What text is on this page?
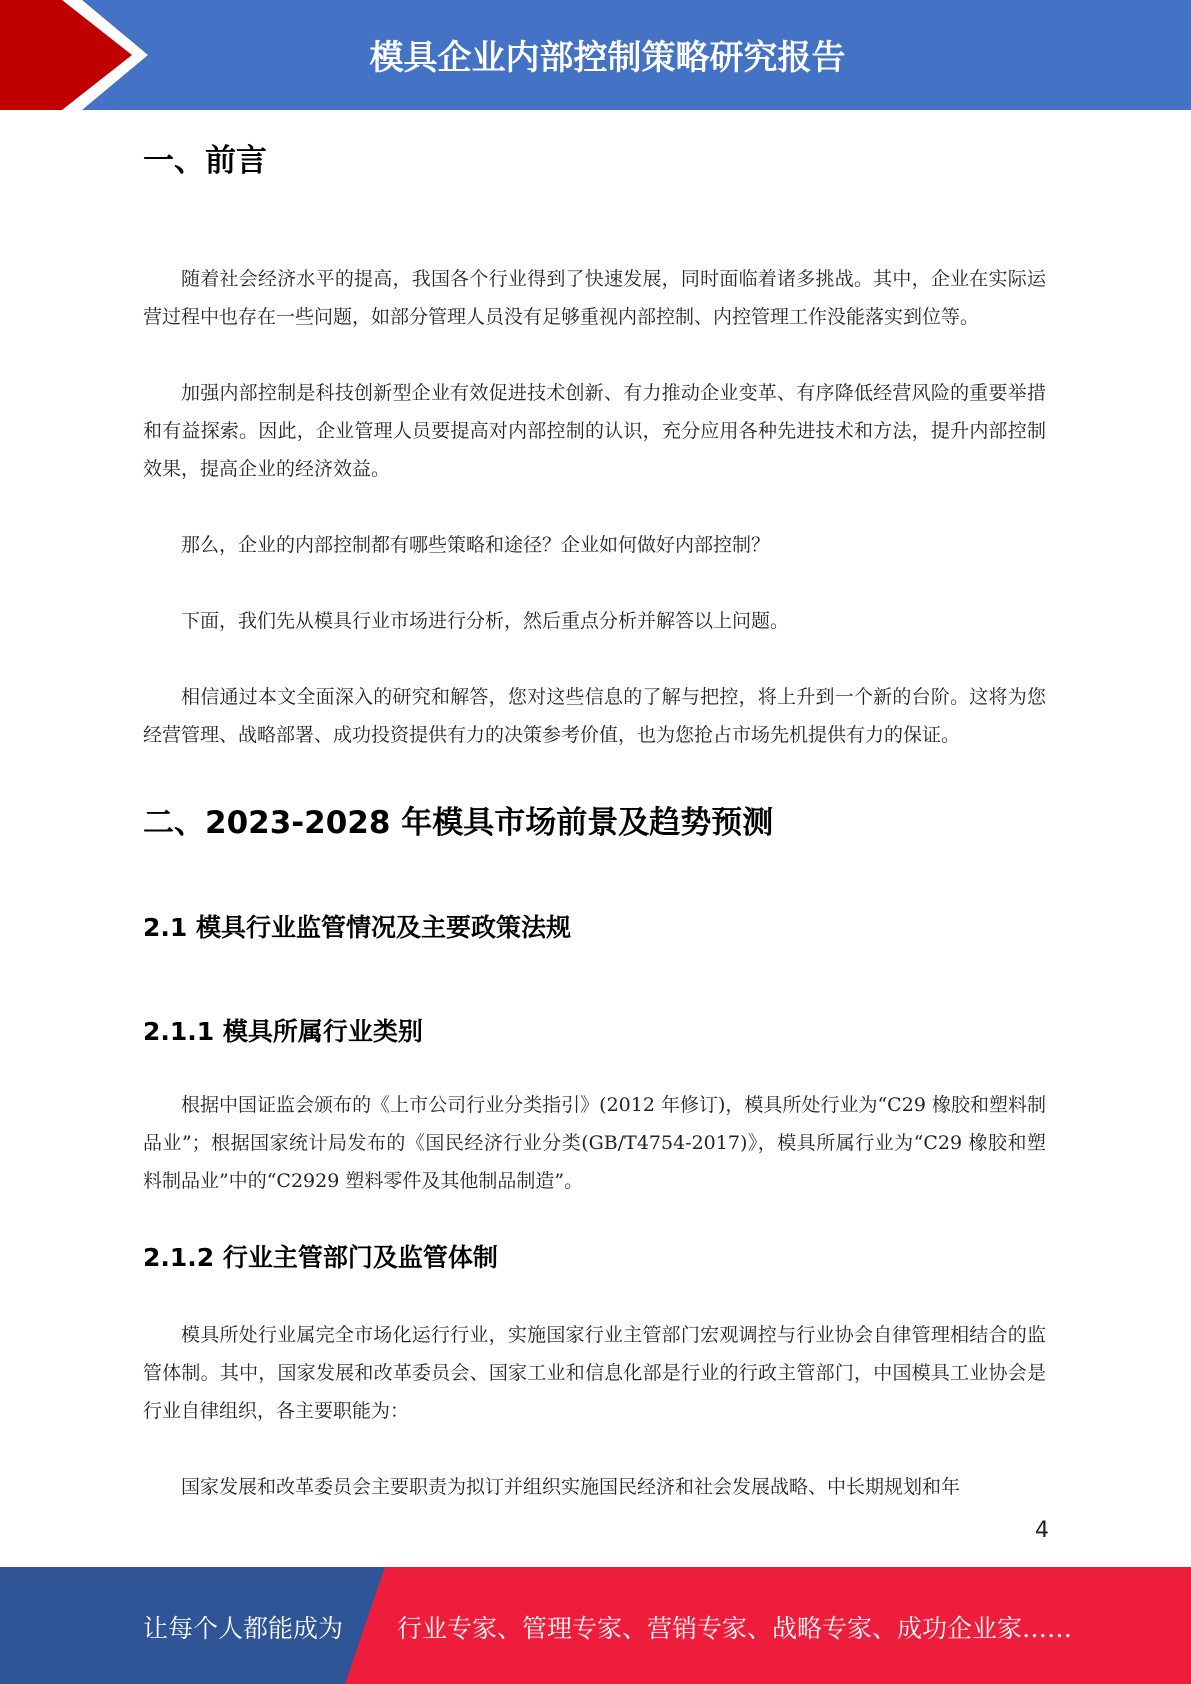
模具企业内部控制策略研究报告
一、前言

随着社会经济水平的提高，我国各个行业得到了快速发展，同时面临着诸多挑战。其中，企业在实际运营过程中也存在一些问题，如部分管理人员没有足够重视内部控制、内控管理工作没能落实到位等。

加强内部控制是科技创新型企业有效促进技术创新、有力推动企业变革、有序降低经营风险的重要举措和有益探索。因此，企业管理人员要提高对内部控制的认识，充分应用各种先进技术和方法，提升内部控制效果，提高企业的经济效益。

那么，企业的内部控制都有哪些策略和途径？企业如何做好内部控制？

下面，我们先从模具行业市场进行分析，然后重点分析并解答以上问题。

相信通过本文全面深入的研究和解答，您对这些信息的了解与把控，将上升到一个新的台阶。这将为您经营管理、战略部署、成功投资提供有力的决策参考价值，也为您抢占市场先机提供有力的保证。

二、2023-2028 年模具市场前景及趋势预测
2.1 模具行业监管情况及主要政策法规
2.1.1 模具所属行业类别

根据中国证监会颁布的《上市公司行业分类指引》(2012 年修订)，模具所处行业为“C29 橡胶和塑料制品业”；根据国家统计局发布的《国民经济行业分类(GB/T4754-2017)》，模具所属行业为“C29 橡胶和塑料制品业”中的“C2929 塑料零件及其他制品制造”。

2.1.2 行业主管部门及监管体制

模具所处行业属完全市场化运行行业，实施国家行业主管部门宏观调控与行业协会自律管理相结合的监管体制。其中，国家发展和改革委员会、国家工业和信息化部是行业的行政主管部门，中国模具工业协会是行业自律组织，各主要职能为：

国家发展和改革委员会主要职责为拟订并组织实施国民经济和社会发展战略、中长期规划和年

4
让每个人都能成为 行业专家、管理专家、营销专家、战略专家、成功企业家……
